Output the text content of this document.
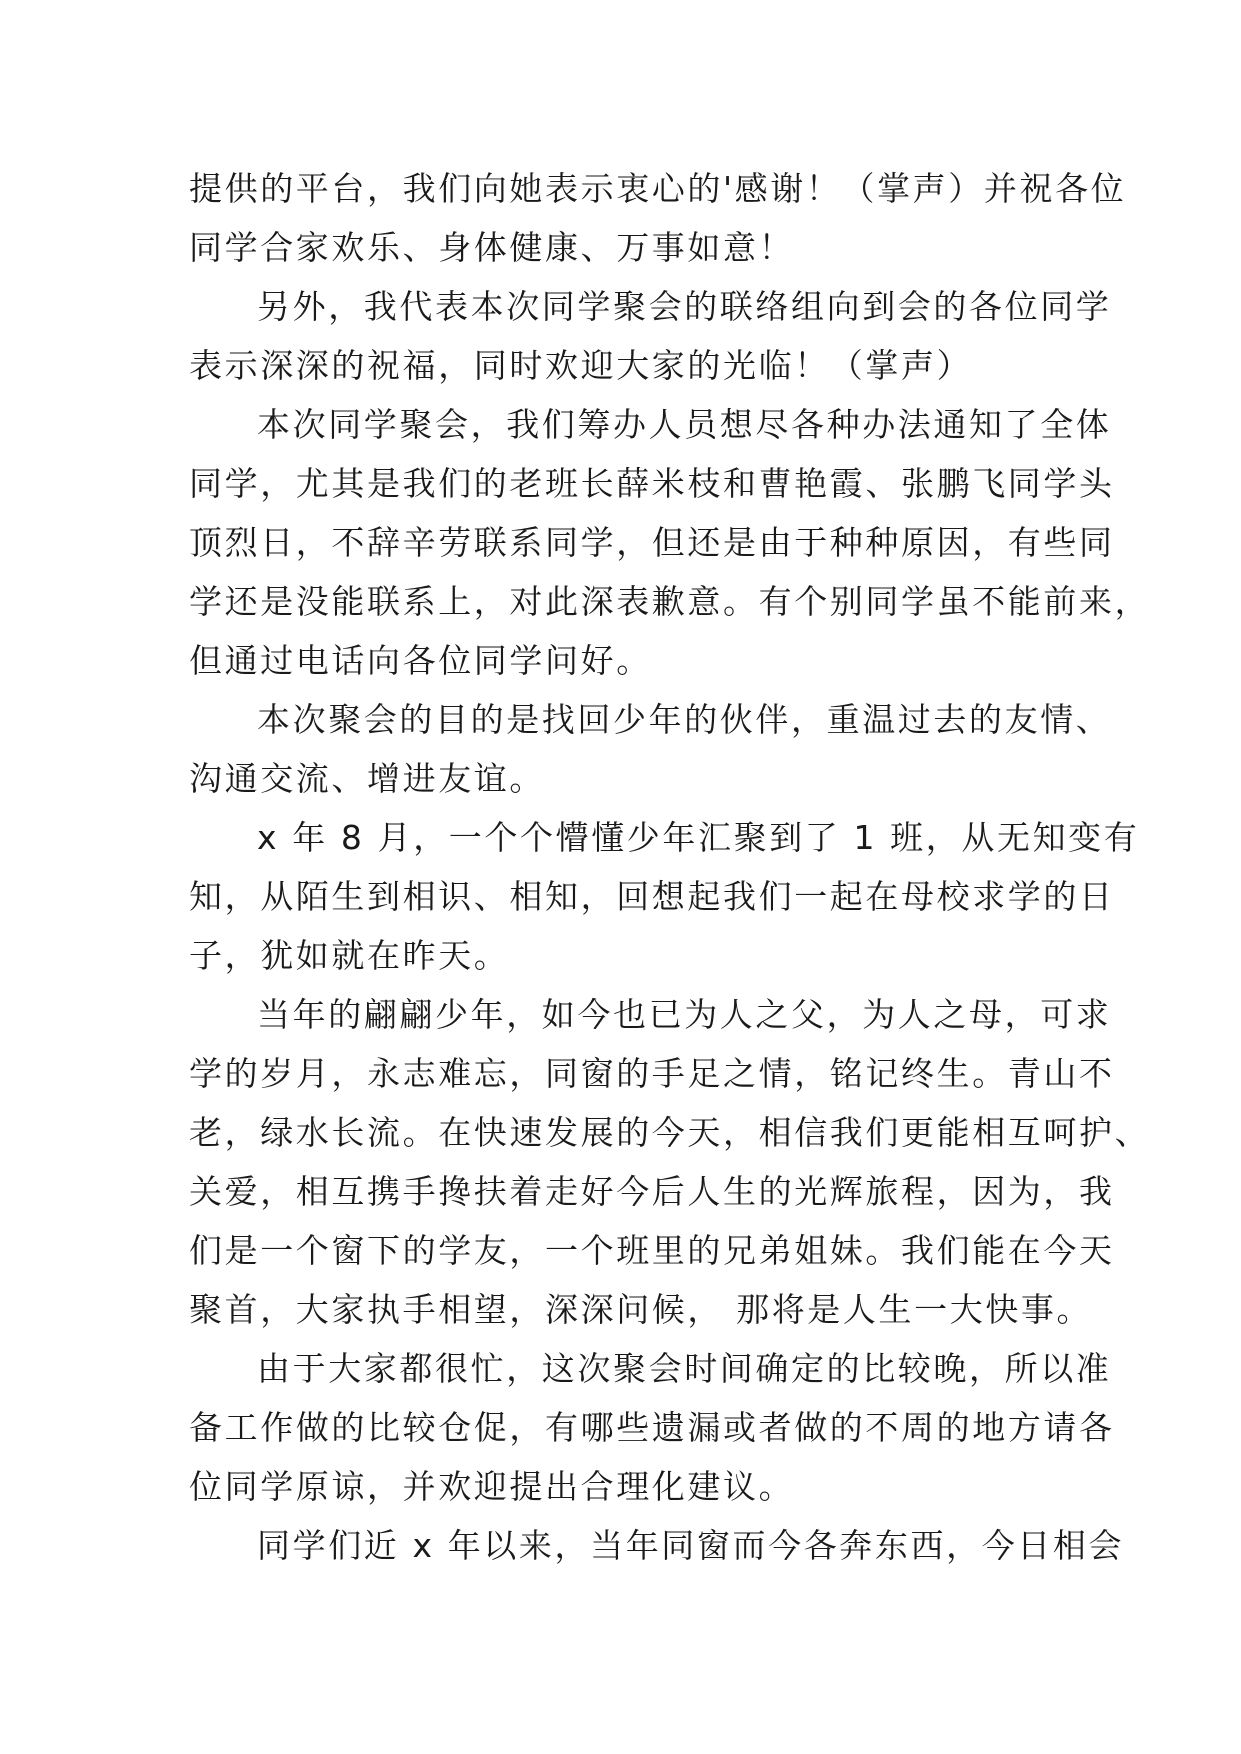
提供的平台，我们向她表示衷心的'感谢！（掌声）并祝各位
同学合家欢乐、身体健康、万事如意！
另外，我代表本次同学聚会的联络组向到会的各位同学
表示深深的祝福，同时欢迎大家的光临！（掌声）
本次同学聚会，我们筹办人员想尽各种办法通知了全体
同学，尤其是我们的老班长薛米枝和曹艳霞、张鹏飞同学头
顶烈日，不辞辛劳联系同学，但还是由于种种原因，有些同
学还是没能联系上，对此深表歉意。有个别同学虽不能前来，
但通过电话向各位同学问好。
本次聚会的目的是找回少年的伙伴，重温过去的友情、
沟通交流、增进友谊。
x 年 8 月，一个个懵懂少年汇聚到了 1 班，从无知变有
知，从陌生到相识、相知，回想起我们一起在母校求学的日
子，犹如就在昨天。
当年的翩翩少年，如今也已为人之父，为人之母，可求
学的岁月，永志难忘，同窗的手足之情，铭记终生。青山不
老，绿水长流。在快速发展的今天，相信我们更能相互呵护、
关爱，相互携手搀扶着走好今后人生的光辉旅程，因为，我
们是一个窗下的学友，一个班里的兄弟姐妹。我们能在今天
聚首，大家执手相望，深深问候， 那将是人生一大快事。
由于大家都很忙，这次聚会时间确定的比较晚，所以准
备工作做的比较仓促，有哪些遗漏或者做的不周的地方请各
位同学原谅，并欢迎提出合理化建议。
同学们近 x 年以来，当年同窗而今各奔东西，今日相会
